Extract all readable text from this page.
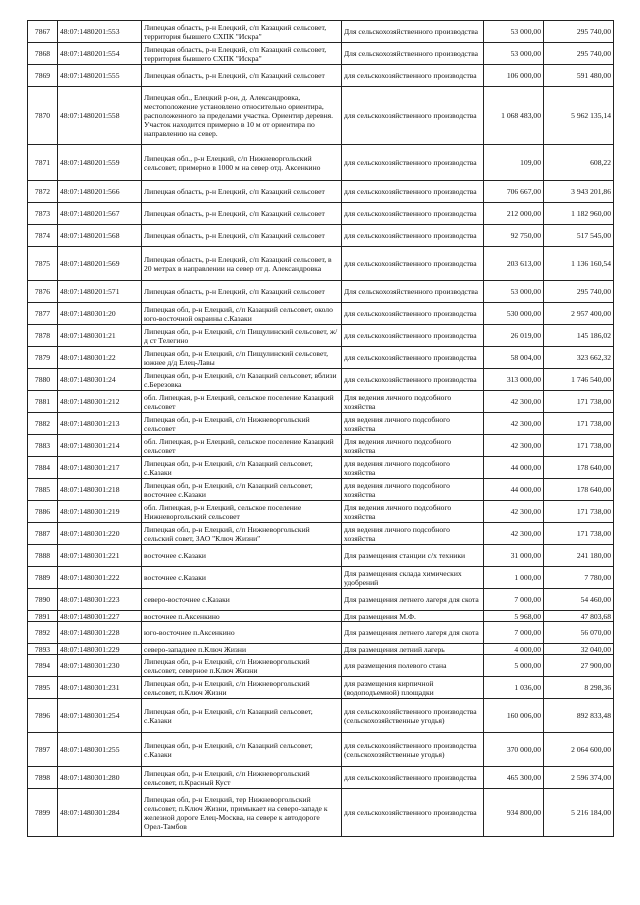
7867	48:07:1480201:553	Липецкая область, р-н Елецкий, с/п Казацкий сельсовет, территория бывшего СХПК "Искра"	Для сельскохозяйственного производства	53 000,00	295 740,00
7868	48:07:1480201:554	Липецкая область, р-н Елецкий, с/п Казацкий сельсовет, территория бывшего СХПК "Искра"	Для сельскохозяйственного производства	53 000,00	295 740,00
7869	48:07:1480201:555	Липецкая область, р-н Елецкий, с/п Казацкий сельсовет	для сельскохозяйственного производства	106 000,00	591 480,00
7870	48:07:1480201:558	Липецкая обл., Елецкий р-он, д. Александровка, местоположение установлено относительно ориентира, расположенного за пределами участка. Ориентир деревня. Участок находится примерно в 10 м от ориентира по направлению на север.	для сельскохозяйственного производства	1 068 483,00	5 962 135,14
7871	48:07:1480201:559	Липецкая обл., р-н Елецкий, с/п Нижневоргольский сельсовет, примерно в 1000 м на север отд. Аксенкино	для сельскохозяйственного производства	109,00	608,22
7872	48:07:1480201:566	Липецкая область, р-н Елецкий, с/п Казацкий сельсовет	для сельскохозяйственного производства	706 667,00	3 943 201,86
7873	48:07:1480201:567	Липецкая область, р-н Елецкий, с/п Казацкий сельсовет	для сельскохозяйственного производства	212 000,00	1 182 960,00
7874	48:07:1480201:568	Липецкая область, р-н Елецкий, с/п Казацкий сельсовет	для сельскохозяйственного производства	92 750,00	517 545,00
7875	48:07:1480201:569	Липецкая область, р-н Елецкий, с/п Казацкий сельсовет, в 20 метрах в направлении на север от д. Александровка	для сельскохозяйственного производства	203 613,00	1 136 160,54
7876	48:07:1480201:571	Липецкая область, р-н Елецкий, с/п Казацкий сельсовет	Для сельскохозяйственного производства	53 000,00	295 740,00
7877	48:07:1480301:20	Липецкая обл, р-н Елецкий, с/п Казацкий сельсовет, около юго-восточной окраины с.Казаки	для сельскохозяйственного производства	530 000,00	2 957 400,00
7878	48:07:1480301:21	Липецкая обл, р-н Елецкий, с/п Пищулинский сельсовет, ж/д ст Телегино	для сельскохозяйственного производства	26 019,00	145 186,02
7879	48:07:1480301:22	Липецкая обл, р-н Елецкий, с/п Пищулинский сельсовет, южнее д/д Елец-Лавы	для сельскохозяйственного производства	58 004,00	323 662,32
7880	48:07:1480301:24	Липецкая обл, р-н Елецкий, с/п Казацкий сельсовет, вблизи с.Березовка	для сельскохозяйственного производства	313 000,00	1 746 540,00
7881	48:07:1480301:212	обл. Липецкая, р-н Елецкий, сельское поселение Казацкий сельсовет	Для ведения личного подсобного хозяйства	42 300,00	171 738,00
7882	48:07:1480301:213	Липецкая обл, р-н Елецкий, с/п Нижневоргольский сельсовет	для ведения личного подсобного хозяйства	42 300,00	171 738,00
7883	48:07:1480301:214	обл. Липецкая, р-н Елецкий, сельское поселение Казацкий сельсовет	Для ведения личного подсобного хозяйства	42 300,00	171 738,00
7884	48:07:1480301:217	Липецкая обл, р-н Елецкий, с/п Казацкий сельсовет, с.Казаки	для ведения личного подсобного хозяйства	44 000,00	178 640,00
7885	48:07:1480301:218	Липецкая обл, р-н Елецкий, с/п Казацкий сельсовет, восточнее с.Казаки	для ведения личного подсобного хозяйства	44 000,00	178 640,00
7886	48:07:1480301:219	обл. Липецкая, р-н Елецкий, сельское поселение Нижневоргольский сельсовет	Для ведения личного подсобного хозяйства	42 300,00	171 738,00
7887	48:07:1480301:220	Липецкая обл, р-н Елецкий, с/п Нижневоргольский сельский совет, ЗАО "Ключ Жизни"	для ведения личного подсобного хозяйства	42 300,00	171 738,00
7888	48:07:1480301:221	восточнее с.Казаки	Для размещения станции с/х техники	31 000,00	241 180,00
7889	48:07:1480301:222	восточнее с.Казаки	Для размещения склада химических удобрений	1 000,00	7 780,00
7890	48:07:1480301:223	северо-восточнее с.Казаки	Для размещения летнего лагеря для скота	7 000,00	54 460,00
7891	48:07:1480301:227	восточнее п.Аксенкино	Для размещения М.Ф.	5 968,00	47 803,68
7892	48:07:1480301:228	юго-восточнее п.Аксенкино	Для размещения летнего лагеря для скота	7 000,00	56 070,00
7893	48:07:1480301:229	северо-западнее п.Ключ Жизни	Для размещения летний лагерь	4 000,00	32 040,00
7894	48:07:1480301:230	Липецкая обл, р-н Елецкий, с/п Нижневоргольский сельсовет, северное п.Ключ Жизни	для размещения полевого стана	5 000,00	27 900,00
7895	48:07:1480301:231	Липецкая обл, р-н Елецкий, с/п Нижневоргольский сельсовет, п.Ключ Жизни	для размещения кирпичной (водоподъемной) площадки	1 036,00	8 298,36
7896	48:07:1480301:254	Липецкая обл, р-н Елецкий, с/п Казацкий сельсовет, с.Казаки	для сельскохозяйственного производства (сельскохозяйственные угодья)	160 006,00	892 833,48
7897	48:07:1480301:255	Липецкая обл, р-н Елецкий, с/п Казацкий сельсовет, с.Казаки	для сельскохозяйственного производства (сельскохозяйственные угодья)	370 000,00	2 064 600,00
7898	48:07:1480301:280	Липецкая обл, р-н Елецкий, с/п Нижневоргольский сельсовет, п.Красный Куст	для сельскохозяйственного производства	465 300,00	2 596 374,00
7899	48:07:1480301:284	Липецкая обл, р-н Елецкий, тер Нижневоргольский сельсовет, п.Ключ Жизни, примыкает на северо-западе к железной дороге Елец-Москва, на севере к автодороге Орел-Тамбов	для сельскохозяйственного производства	934 800,00	5 216 184,00
